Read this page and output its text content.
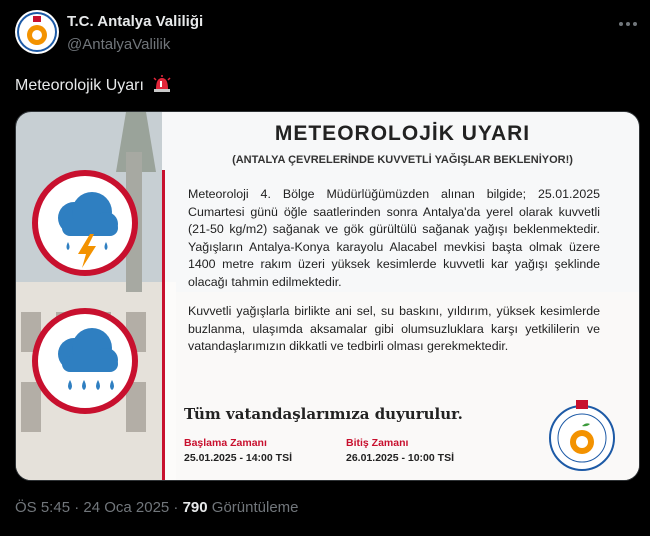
T.C. Antalya Valiliği
@AntalyaValilik
Meteorolojik Uyarı
METEOROLOJİK UYARI
(ANTALYA ÇEVRELERİNDE KUVVETLİ YAĞIŞLAR BEKLENİYOR!)

Meteoroloji 4. Bölge Müdürlüğümüzden alınan bilgide; 25.01.2025 Cumartesi günü öğle saatlerinden sonra Antalya'da yerel olarak kuvvetli (21-50 kg/m2) sağanak ve gök gürültülü sağanak yağışı beklenmektedir. Yağışların Antalya-Konya karayolu Alacabel mevkisi başta olmak üzere 1400 metre rakım üzeri yüksek kesimlerde kuvvetli kar yağışı şeklinde olacağı tahmin edilmektedir.

Kuvvetli yağışlarla birlikte ani sel, su baskını, yıldırım, yüksek kesimlerde buzlanma, ulaşımda aksamalar gibi olumsuzluklara karşı yetkililerin ve vatandaşlarımızın dikkatli ve tedbirli olması gerekmektedir.

Tüm vatandaşlarımıza duyurulur.
Başlama Zamanı
25.01.2025 - 14:00 TSİ
Bitiş Zamanı
26.01.2025 - 10:00 TSİ
ÖS 5:45 · 24 Oca 2025 · 790 Görüntüleme
